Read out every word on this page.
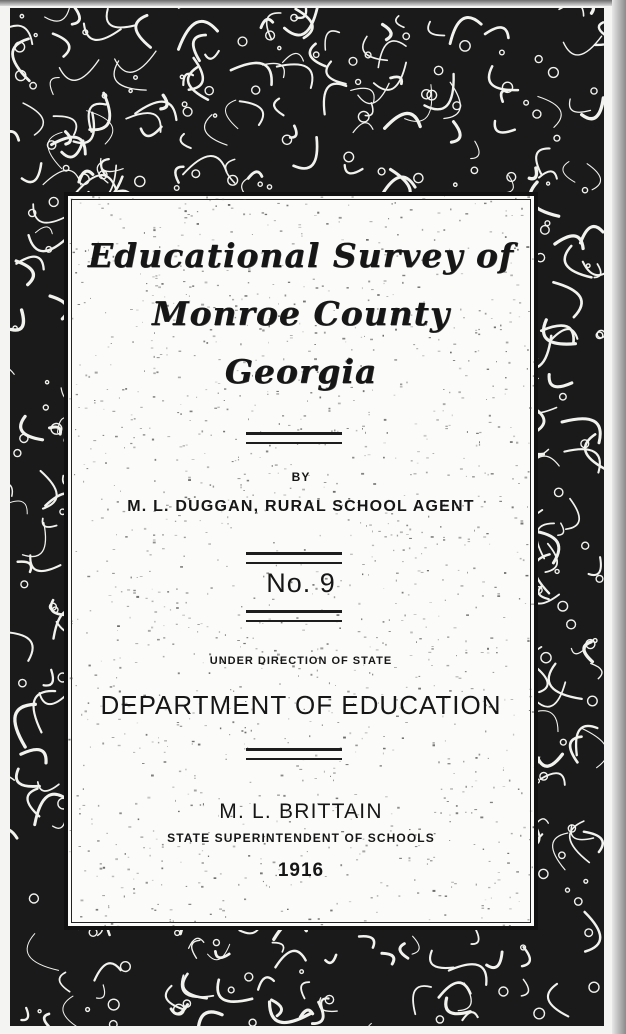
Educational Survey of
Monroe County
Georgia
BY
M. L. DUGGAN, RURAL SCHOOL AGENT
No. 9
UNDER DIRECTION OF STATE
DEPARTMENT OF EDUCATION
M. L. BRITTAIN
STATE SUPERINTENDENT OF SCHOOLS
1916
